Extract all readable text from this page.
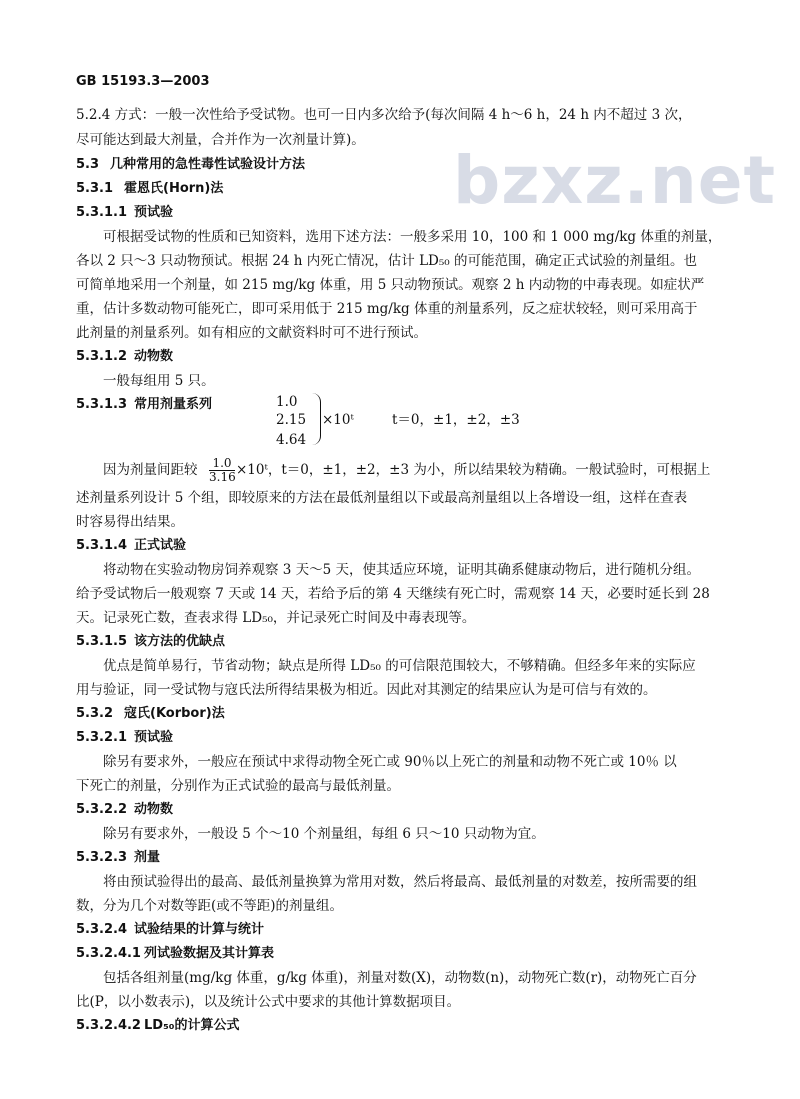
GB 15193.3—2003
bzxz.net
5.2.4 方式：一般一次性给予受试物。也可一日内多次给予(每次间隔 4 h～6 h，24 h 内不超过 3 次，
尽可能达到最大剂量，合并作为一次剂量计算)。
5.3 几种常用的急性毒性试验设计方法
5.3.1 霍恩氏(Horn)法
5.3.1.1 预试验
可根据受试物的性质和已知资料，选用下述方法：一般多采用 10，100 和 1 000 mg/kg 体重的剂量，
各以 2 只～3 只动物预试。根据 24 h 内死亡情况，估计 LD₅₀ 的可能范围，确定正式试验的剂量组。也
可简单地采用一个剂量，如 215 mg/kg 体重，用 5 只动物预试。观察 2 h 内动物的中毒表现。如症状严
重，估计多数动物可能死亡，即可采用低于 215 mg/kg 体重的剂量系列，反之症状较轻，则可采用高于
此剂量的剂量系列。如有相应的文献资料时可不进行预试。
5.3.1.2 动物数
一般每组用 5 只。
5.3.1.3 常用剂量系列	1.0
2.15
4.64
×10ᵗ	t＝0，±1，±2，±3
因为剂量间距较 $\frac{1.0}{3.16}$ ×10ᵗ，t＝0，±1，±2，±3 为小，所以结果较为精确。一般试验时，可根据上
述剂量系列设计 5 个组，即较原来的方法在最低剂量组以下或最高剂量组以上各增设一组，这样在查表
时容易得出结果。
5.3.1.4 正式试验
将动物在实验动物房饲养观察 3 天～5 天，使其适应环境，证明其确系健康动物后，进行随机分组。
给予受试物后一般观察 7 天或 14 天，若给予后的第 4 天继续有死亡时，需观察 14 天，必要时延长到 28
天。记录死亡数，查表求得 LD₅₀，并记录死亡时间及中毒表现等。
5.3.1.5 该方法的优缺点
优点是简单易行，节省动物；缺点是所得 LD₅₀ 的可信限范围较大，不够精确。但经多年来的实际应
用与验证，同一受试物与寇氏法所得结果极为相近。因此对其测定的结果应认为是可信与有效的。
5.3.2 寇氏(Korbor)法
5.3.2.1 预试验
除另有要求外，一般应在预试中求得动物全死亡或 90％以上死亡的剂量和动物不死亡或 10％ 以
下死亡的剂量，分别作为正式试验的最高与最低剂量。
5.3.2.2 动物数
除另有要求外，一般设 5 个～10 个剂量组，每组 6 只～10 只动物为宜。
5.3.2.3 剂量
将由预试验得出的最高、最低剂量换算为常用对数，然后将最高、最低剂量的对数差，按所需要的组
数，分为几个对数等距(或不等距)的剂量组。
5.3.2.4 试验结果的计算与统计
5.3.2.4.1 列试验数据及其计算表
包括各组剂量(mg/kg 体重，g/kg 体重)，剂量对数(X)，动物数(n)，动物死亡数(r)，动物死亡百分
比(P，以小数表示)，以及统计公式中要求的其他计算数据项目。
5.3.2.4.2 LD₅₀的计算公式
